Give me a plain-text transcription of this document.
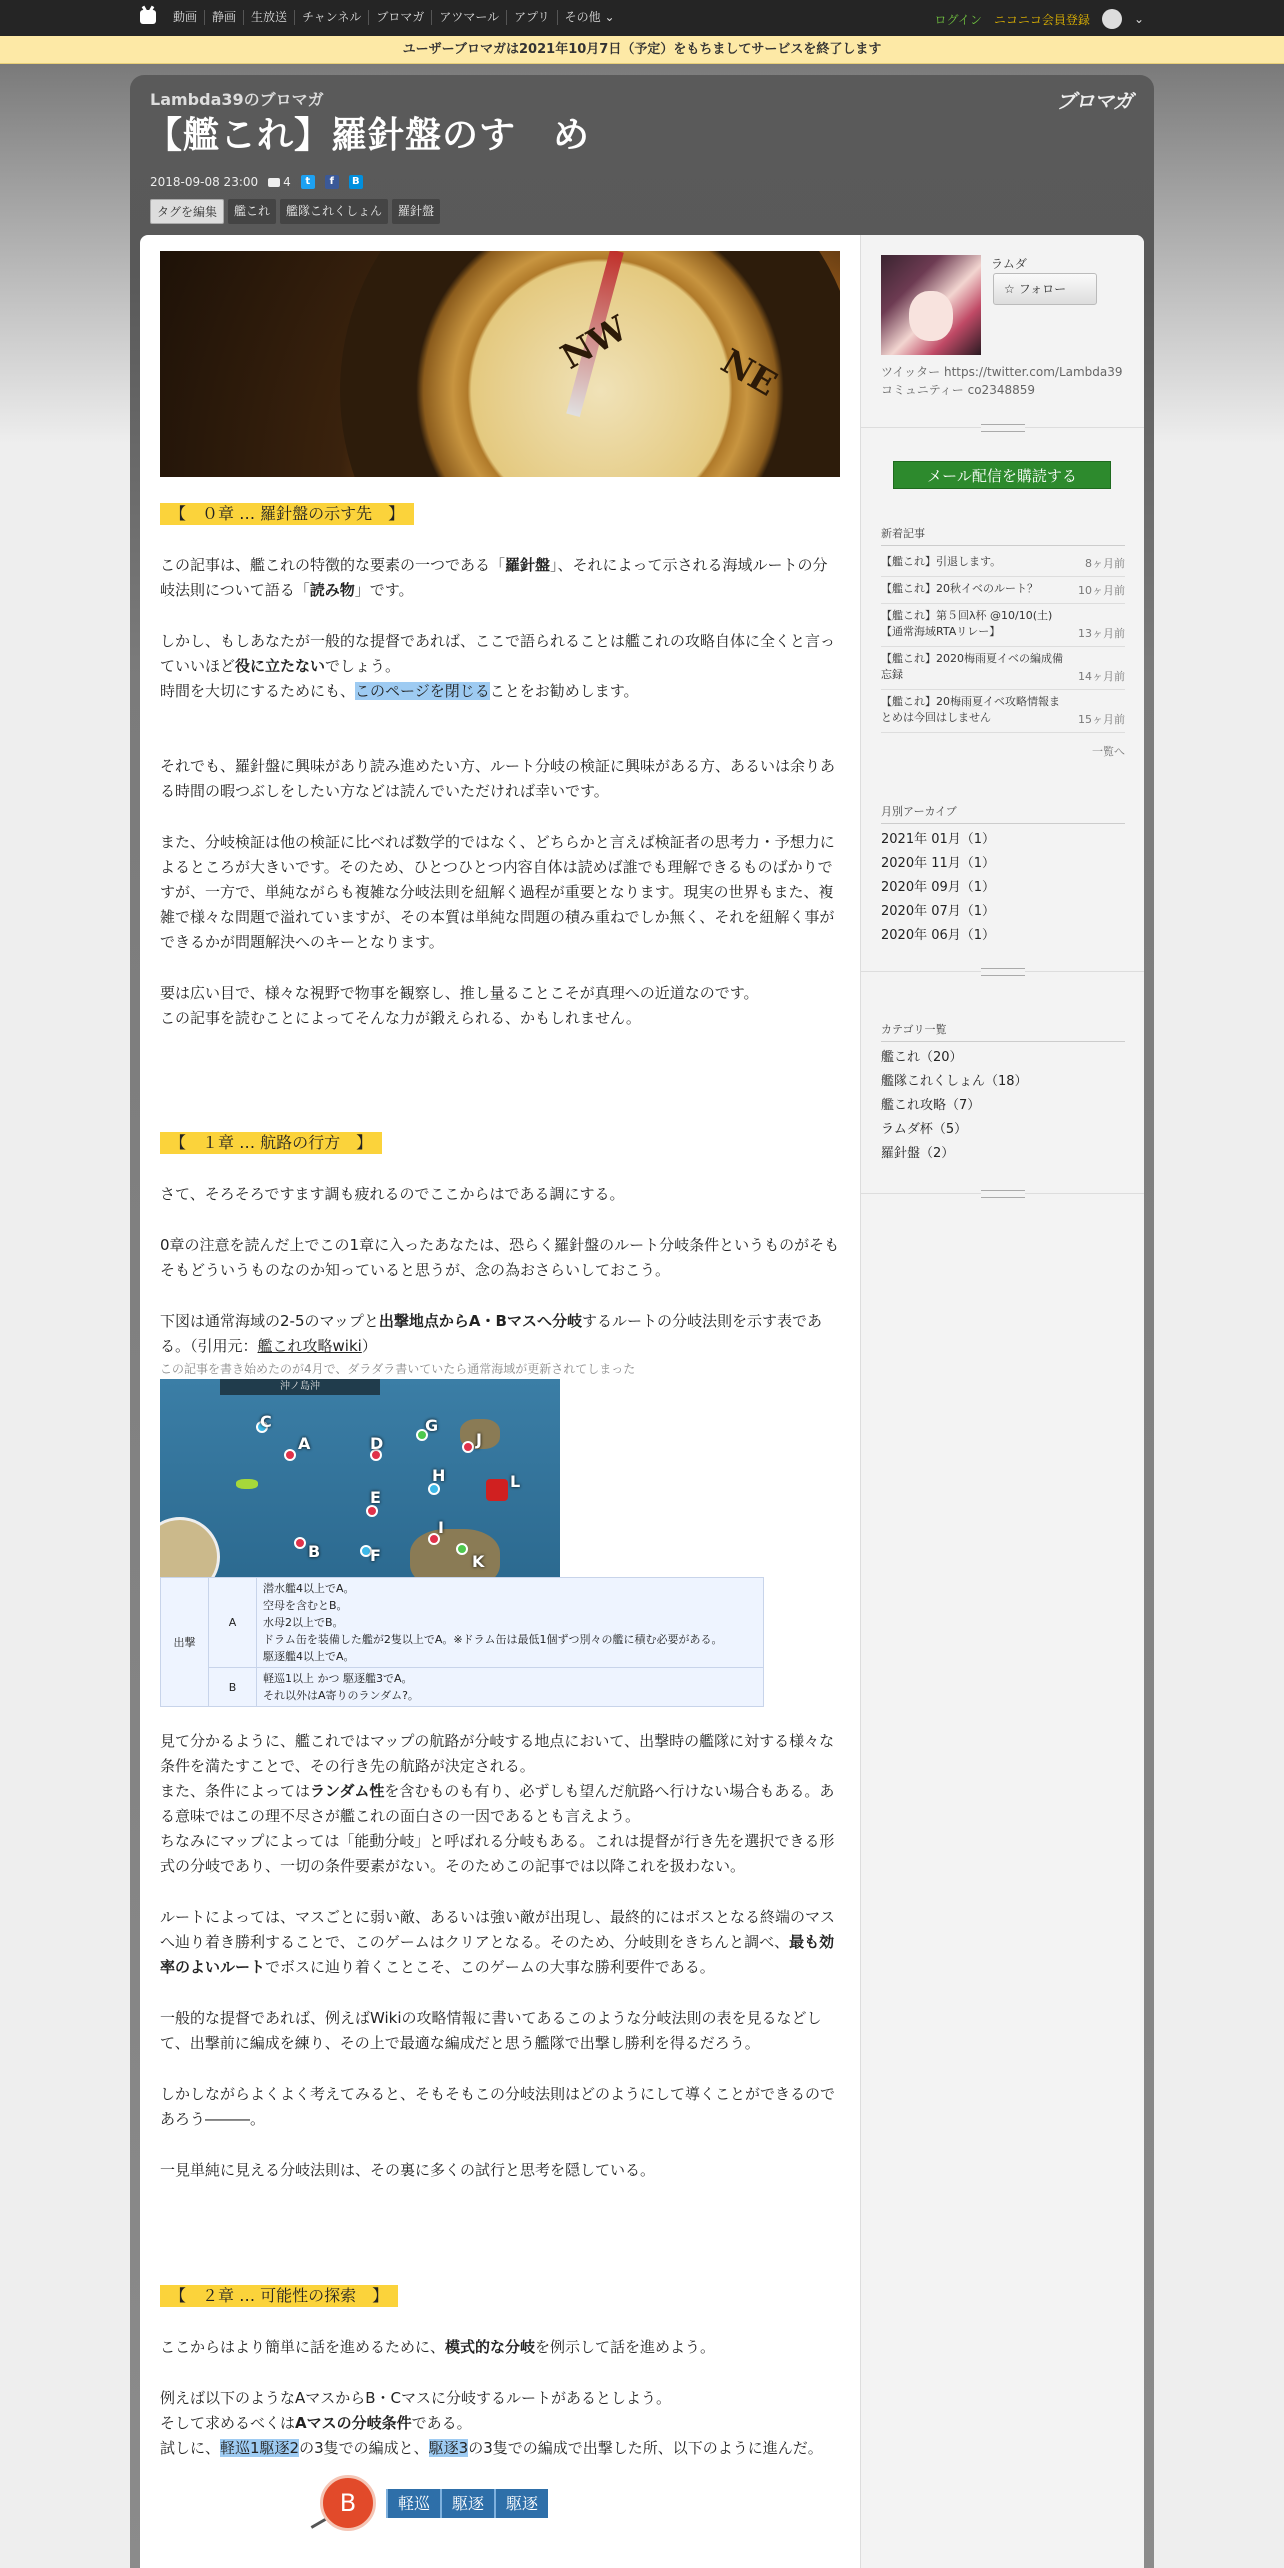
動画	静画	生放送	チャンネル	ブロマガ	アツマール	アプリ	その他 ⌄	ログイン ニコニコ会員登録	⌄
ユーザーブロマガは2021年10月7日（予定）をもちましてサービスを終了します
Lambda39のブロマガ	ブロマガ
【艦これ】羅針盤のす　め
2018-09-08 23:00	4	t	f	B
タグを編集	艦これ	艦隊これくしょん	羅針盤
NW NE
【　０章 … 羅針盤の示す先　】

この記事は、艦これの特徴的な要素の一つである「羅針盤」、それによって示される海域ルートの分岐法則について語る「読み物」です。

しかし、もしあなたが一般的な提督であれば、ここで語られることは艦これの攻略自体に全くと言っていいほど役に立たないでしょう。

時間を大切にするためにも、このページを閉じることをお勧めします。

それでも、羅針盤に興味があり読み進めたい方、ルート分岐の検証に興味がある方、あるいは余りある時間の暇つぶしをしたい方などは読んでいただければ幸いです。

また、分岐検証は他の検証に比べれば数学的ではなく、どちらかと言えば検証者の思考力・予想力によるところが大きいです。そのため、ひとつひとつ内容自体は読めば誰でも理解できるものばかりですが、一方で、単純ながらも複雑な分岐法則を紐解く過程が重要となります。現実の世界もまた、複雑で様々な問題で溢れていますが、その本質は単純な問題の積み重ねでしか無く、それを紐解く事ができるかが問題解決へのキーとなります。

要は広い目で、様々な視野で物事を観察し、推し量ることこそが真理への近道なのです。

この記事を読むことによってそんな力が鍛えられる、かもしれません。

【　１章 … 航路の行方　】

さて、そろそろですます調も疲れるのでここからはである調にする。

0章の注意を読んだ上でこの1章に入ったあなたは、恐らく羅針盤のルート分岐条件というものがそもそもどういうものなのか知っていると思うが、念の為おさらいしておこう。

下図は通常海域の2-5のマップと出撃地点からA・Bマスへ分岐するルートの分岐法則を示す表である。（引用元：艦これ攻略wiki）

この記事を書き始めたのが4月で、ダラダラ書いていたら通常海域が更新されてしまった
沖ノ島沖
C
A	D
G
J
H	L
E
I
B	F	K
出撃	A	潜水艦4以上でA。
空母を含むとB。
水母2以上でB。
ドラム缶を装備した艦が2隻以上でA。※ドラム缶は最低1個ずつ別々の艦に積む必要がある。
駆逐艦4以上でA。

	B	軽巡1以上 かつ 駆逐艦3でA。
それ以外はA寄りのランダム?。

見て分かるように、艦これではマップの航路が分岐する地点において、出撃時の艦隊に対する様々な条件を満たすことで、その行き先の航路が決定される。

また、条件によってはランダム性を含むものも有り、必ずしも望んだ航路へ行けない場合もある。ある意味ではこの理不尽さが艦これの面白さの一因であるとも言えよう。

ちなみにマップによっては「能動分岐」と呼ばれる分岐もある。これは提督が行き先を選択できる形式の分岐であり、一切の条件要素がない。そのためこの記事では以降これを扱わない。

ルートによっては、マスごとに弱い敵、あるいは強い敵が出現し、最終的にはボスとなる終端のマスへ辿り着き勝利することで、このゲームはクリアとなる。そのため、分岐則をきちんと調べ、最も効率のよいルートでボスに辿り着くことこそ、このゲームの大事な勝利要件である。

一般的な提督であれば、例えばWikiの攻略情報に書いてあるこのような分岐法則の表を見るなどして、出撃前に編成を練り、その上で最適な編成だと思う艦隊で出撃し勝利を得るだろう。

しかしながらよくよく考えてみると、そもそもこの分岐法則はどのようにして導くことができるのであろう―――。

一見単純に見える分岐法則は、その裏に多くの試行と思考を隠している。

【　２章 … 可能性の探索　】

ここからはより簡単に話を進めるために、模式的な分岐を例示して話を進めよう。

例えば以下のようなAマスからB・Cマスに分岐するルートがあるとしよう。

そして求めるべくはAマスの分岐条件である。

試しに、軽巡1駆逐2の3隻での編成と、駆逐3の3隻での編成で出撃した所、以下のように進んだ。

B	軽巡	駆逐	駆逐
ラムダ
☆ フォロー
ツイッター https://twitter.com/Lambda39 コミュニティー co2348859
メール配信を購読する
新着記事
【艦これ】引退します。	8ヶ月前
【艦これ】20秋イベのルート？	10ヶ月前
【艦これ】第５回λ杯 @10/10(土) 【通常海域RTAリレー】	13ヶ月前
【艦これ】2020梅雨夏イベの編成備忘録	14ヶ月前
【艦これ】20梅雨夏イベ攻略情報まとめは今回はしません	15ヶ月前
一覧へ
月別アーカイブ
2021年 01月（1）
2020年 11月（1）
2020年 09月（1）
2020年 07月（1）
2020年 06月（1）
カテゴリ一覧
艦これ（20）
艦隊これくしょん（18）
艦これ攻略（7）
ラムダ杯（5）
羅針盤（2）
